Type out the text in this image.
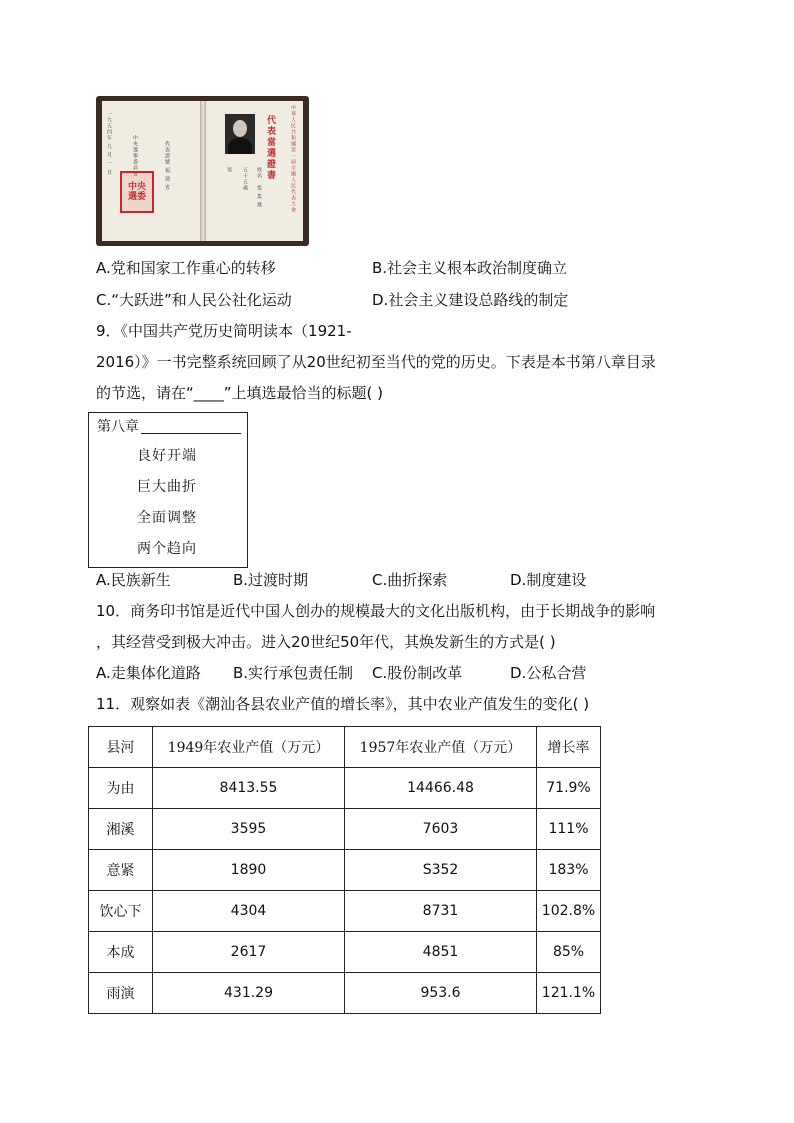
一九五四年 九 月 一 日	中央選舉委員會	代表證號 福 建 省
中央選委
代表當選證書	中華人民共和國第一屆全國人民代表大會
男 五十五歲 姓名
張 集 燕
A.党和国家工作重心的转移	B.社会主义根本政治制度确立
C.“大跃进”和人民公社化运动	D.社会主义建设总路线的制定
9．《中国共产党历史简明读本（1921-
2016）》一书完整系统回顾了从20世纪初至当代的党的历史。下表是本书第八章目录
的节选，请在“____”上填选最恰当的标题( )
第八章
良好开端
巨大曲折
全面调整
两个趋向
A.民族新生	B.过渡时期	C.曲折探索	D.制度建设
10．商务印书馆是近代中国人创办的规模最大的文化出版机构，由于长期战争的影响
，其经营受到极大冲击。进入20世纪50年代，其焕发新生的方式是( )
A.走集体化道路 B.实行承包责任制 C.股份制改革	D.公私合营
11．观察如表《潮汕各县农业产值的增长率》，其中农业产值发生的变化( )
县河	1949年农业产值（万元）	1957年农业产值（万元）	增长率
为由	8413.55	14466.48	71.9%
湘溪	3595	7603	111%
意紧	1890	S352	183%
饮心下	4304	8731	102.8%
本成	2617	4851	85%
雨演	431.29	953.6	121.1%
